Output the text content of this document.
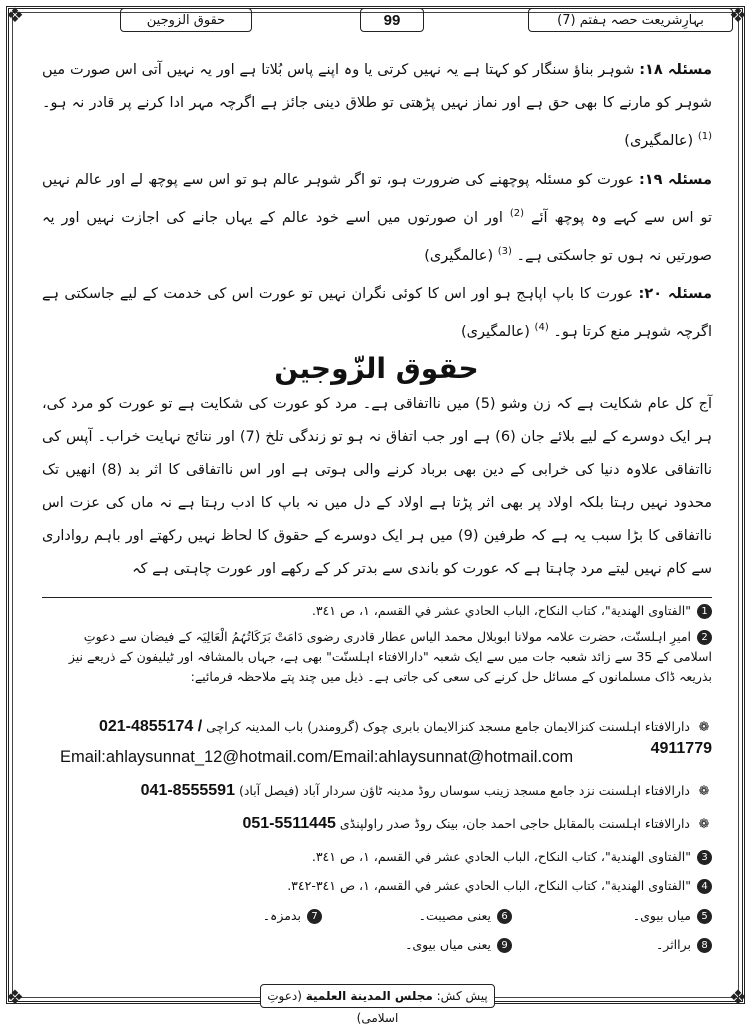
❖	❖
❖	❖
حقوق الزوجین	99	بہارِشریعت حصہ ہفتم (7)

مسئلہ ۱۸: شوہر بناؤ سنگار کو کہتا ہے یہ نہیں کرتی یا وہ اپنے پاس بُلاتا ہے اور یہ نہیں آتی اس صورت میں شوہر کو مارنے کا بھی حق ہے اور نماز نہیں پڑھتی تو طلاق دینی جائز ہے اگرچہ مہر ادا کرنے پر قادر نہ ہو۔ $^{(1)}$ (عالمگیری)

مسئلہ ۱۹: عورت کو مسئلہ پوچھنے کی ضرورت ہو، تو اگر شوہر عالم ہو تو اس سے پوچھ لے اور عالم نہیں تو اس سے کہے وہ پوچھ آئے $^{(2)}$ اور ان صورتوں میں اسے خود عالم کے یہاں جانے کی اجازت نہیں اور یہ صورتیں نہ ہوں تو جاسکتی ہے۔ $^{(3)}$ (عالمگیری)

مسئلہ ۲۰: عورت کا باپ اپاہج ہو اور اس کا کوئی نگران نہیں تو عورت اس کی خدمت کے لیے جاسکتی ہے اگرچہ شوہر منع کرتا ہو۔ $^{(4)}$ (عالمگیری)

حقوق الزّوجین
آج کل عام شکایت ہے کہ زن وشو (5) میں نااتفاقی ہے۔ مرد کو عورت کی شکایت ہے تو عورت کو مرد کی، ہر ایک دوسرے کے لیے بلائے جان (6) ہے اور جب اتفاق نہ ہو تو زندگی تلخ (7) اور نتائج نہایت خراب۔ آپس کی نااتفاقی علاوہ دنیا کی خرابی کے دین بھی برباد کرنے والی ہوتی ہے اور اس نااتفاقی کا اثر بد (8) انھیں تک محدود نہیں رہتا بلکہ اولاد پر بھی اثر پڑتا ہے اولاد کے دل میں نہ باپ کا ادب رہتا ہے نہ ماں کی عزت اس نااتفاقی کا بڑا سبب یہ ہے کہ طرفین (9) میں ہر ایک دوسرے کے حقوق کا لحاظ نہیں رکھتے اور باہم رواداری سے کام نہیں لیتے مرد چاہتا ہے کہ عورت کو باندی سے بدتر کر کے رکھے اور عورت چاہتی ہے کہ
1"الفتاوى الهندية"، كتاب النكاح، الباب الحادي عشر في القسم، ١، ص ٣٤١.
2امیرِ اہلسنّت، حضرت علامہ مولانا ابوبلال محمد الیاس عطار قادری رضوی دَامَتْ بَرَکَاتُہُمُ الْعَالِیَہ کے فیضان سے دعوتِ اسلامی کے 35 سے زائد شعبہ جات میں سے ایک شعبہ "دارالافتاء اہلسنّت" بھی ہے، جہاں بالمشافہ اور ٹیلیفون کے ذریعے نیز بذریعہ ڈاک مسلمانوں کے مسائل حل کرنے کی سعی کی جاتی ہے۔ ذیل میں چند پتے ملاحظہ فرمائیے:
❁دارالافتاء اہلسنت کنزالایمان جامع مسجد کنزالایمان بابری چوک (گرومندر) باب المدینہ کراچی 021-4855174 / 4911779
Email:ahlaysunnat_12@hotmail.com/Email:ahlaysunnat@hotmail.com
❁دارالافتاء اہلسنت نزد جامع مسجد زینب سوساں روڈ مدینہ ٹاؤن سردار آباد (فیصل آباد) 041-8555591
❁دارالافتاء اہلسنت بالمقابل حاجی احمد جان، بینک روڈ صدر راولپنڈی 051-5511445
3"الفتاوى الهندية"، كتاب النكاح، الباب الحادي عشر في القسم، ١، ص ٣٤١.
4"الفتاوى الهندية"، كتاب النكاح، الباب الحادي عشر في القسم، ١، ص ٣٤١-٣٤٢.
5میاں بیوی۔
6یعنی مصیبت۔
7بدمزہ۔
8برااثر۔
9یعنی میاں بیوی۔
پیش کش: مجلس المدينة العلمية (دعوتِ اسلامی)
